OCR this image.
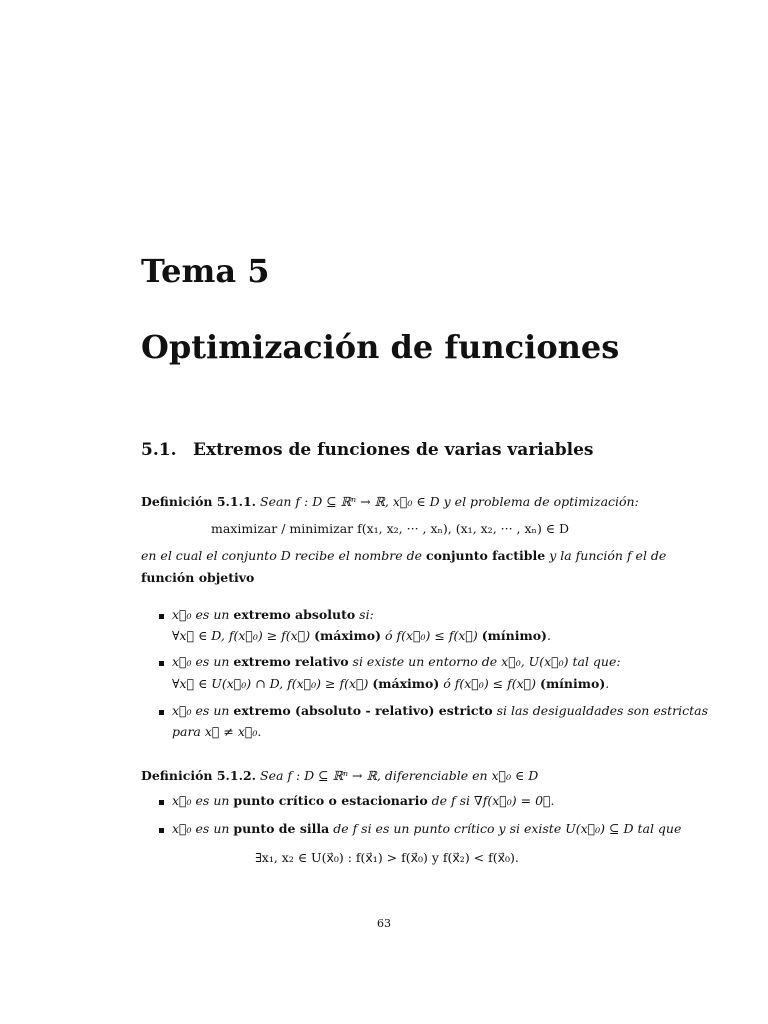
Tema 5
Optimización de funciones
5.1. Extremos de funciones de varias variables
Definición 5.1.1. Sean f : D ⊆ ℝⁿ → ℝ, x⃗₀ ∈ D y el problema de optimización:
maximizar / minimizar f(x₁, x₂, ··· , xₙ), (x₁, x₂, ··· , xₙ) ∈ D
en el cual el conjunto D recibe el nombre de conjunto factible y la función f el de
función objetivo
x⃗₀ es un extremo absoluto si:
∀x⃗ ∈ D, f(x⃗₀) ≥ f(x⃗) (máximo) ó f(x⃗₀) ≤ f(x⃗) (mínimo).
x⃗₀ es un extremo relativo si existe un entorno de x⃗₀, U(x⃗₀) tal que:
∀x⃗ ∈ U(x⃗₀) ∩ D, f(x⃗₀) ≥ f(x⃗) (máximo) ó f(x⃗₀) ≤ f(x⃗) (mínimo).
x⃗₀ es un extremo (absoluto - relativo) estricto si las desigualdades son estrictas
para x⃗ ≠ x⃗₀.
Definición 5.1.2. Sea f : D ⊆ ℝⁿ → ℝ, diferenciable en x⃗₀ ∈ D
x⃗₀ es un punto crítico o estacionario de f si ∇f(x⃗₀) = 0⃗.
x⃗₀ es un punto de silla de f si es un punto crítico y si existe U(x⃗₀) ⊆ D tal que
∃x₁, x₂ ∈ U(x⃗₀) : f(x⃗₁) > f(x⃗₀) y f(x⃗₂) < f(x⃗₀).
63
